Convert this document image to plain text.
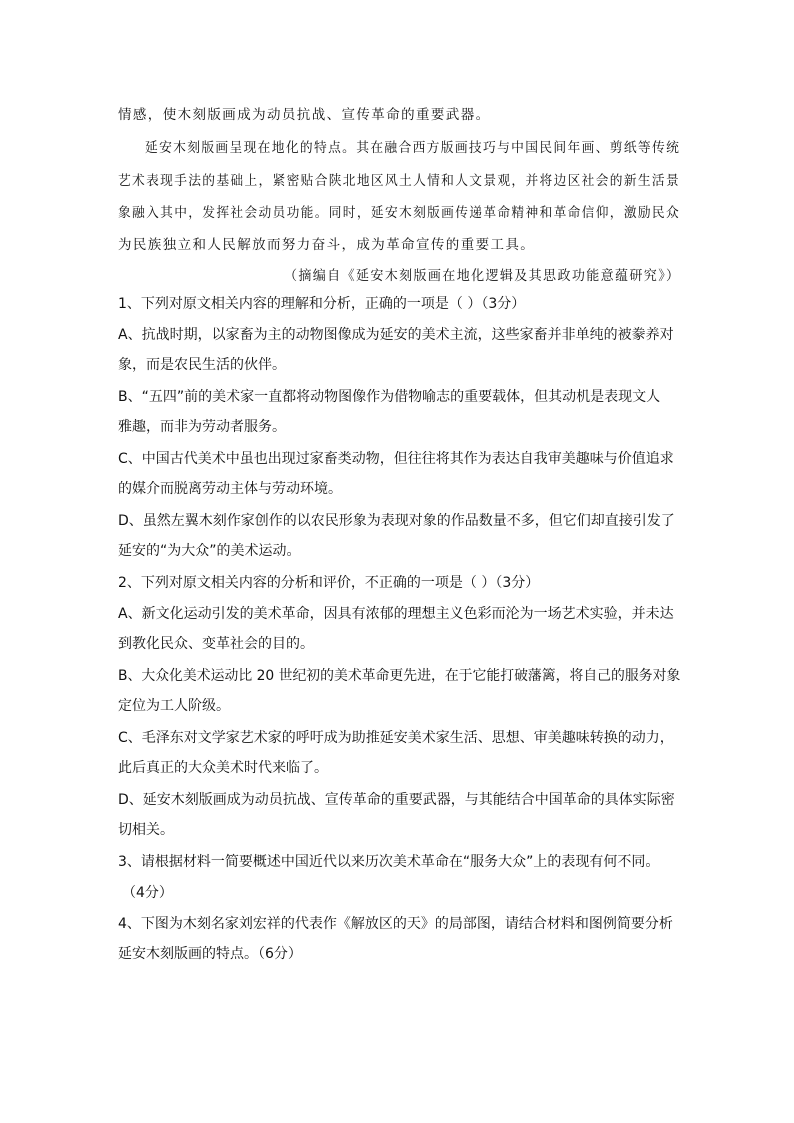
情感，使木刻版画成为动员抗战、宣传革命的重要武器。
延安木刻版画呈现在地化的特点。其在融合西方版画技巧与中国民间年画、剪纸等传统
艺术表现手法的基础上，紧密贴合陕北地区风土人情和人文景观，并将边区社会的新生活景
象融入其中，发挥社会动员功能。同时，延安木刻版画传递革命精神和革命信仰，激励民众
为民族独立和人民解放而努力奋斗，成为革命宣传的重要工具。
（摘编自《延安木刻版画在地化逻辑及其思政功能意蕴研究》）
1、下列对原文相关内容的理解和分析，正确的一项是（ ）（3分）
A、抗战时期，以家畜为主的动物图像成为延安的美术主流，这些家畜并非单纯的被豢养对
象，而是农民生活的伙伴。
B、“五四”前的美术家一直都将动物图像作为借物喻志的重要载体，但其动机是表现文人
雅趣，而非为劳动者服务。
C、中国古代美术中虽也出现过家畜类动物，但往往将其作为表达自我审美趣味与价值追求
的媒介而脱离劳动主体与劳动环境。
D、虽然左翼木刻作家创作的以农民形象为表现对象的作品数量不多，但它们却直接引发了
延安的“为大众”的美术运动。
2、下列对原文相关内容的分析和评价，不正确的一项是（ ）（3分）
A、新文化运动引发的美术革命，因具有浓郁的理想主义色彩而沦为一场艺术实验，并未达
到教化民众、变革社会的目的。
B、大众化美术运动比 20 世纪初的美术革命更先进，在于它能打破藩篱，将自己的服务对象
定位为工人阶级。
C、毛泽东对文学家艺术家的呼吁成为助推延安美术家生活、思想、审美趣味转换的动力，
此后真正的大众美术时代来临了。
D、延安木刻版画成为动员抗战、宣传革命的重要武器，与其能结合中国革命的具体实际密
切相关。
3、请根据材料一简要概述中国近代以来历次美术革命在“服务大众”上的表现有何不同。
（4分）
4、下图为木刻名家刘宏祥的代表作《解放区的天》的局部图，请结合材料和图例简要分析
延安木刻版画的特点。（6分）
